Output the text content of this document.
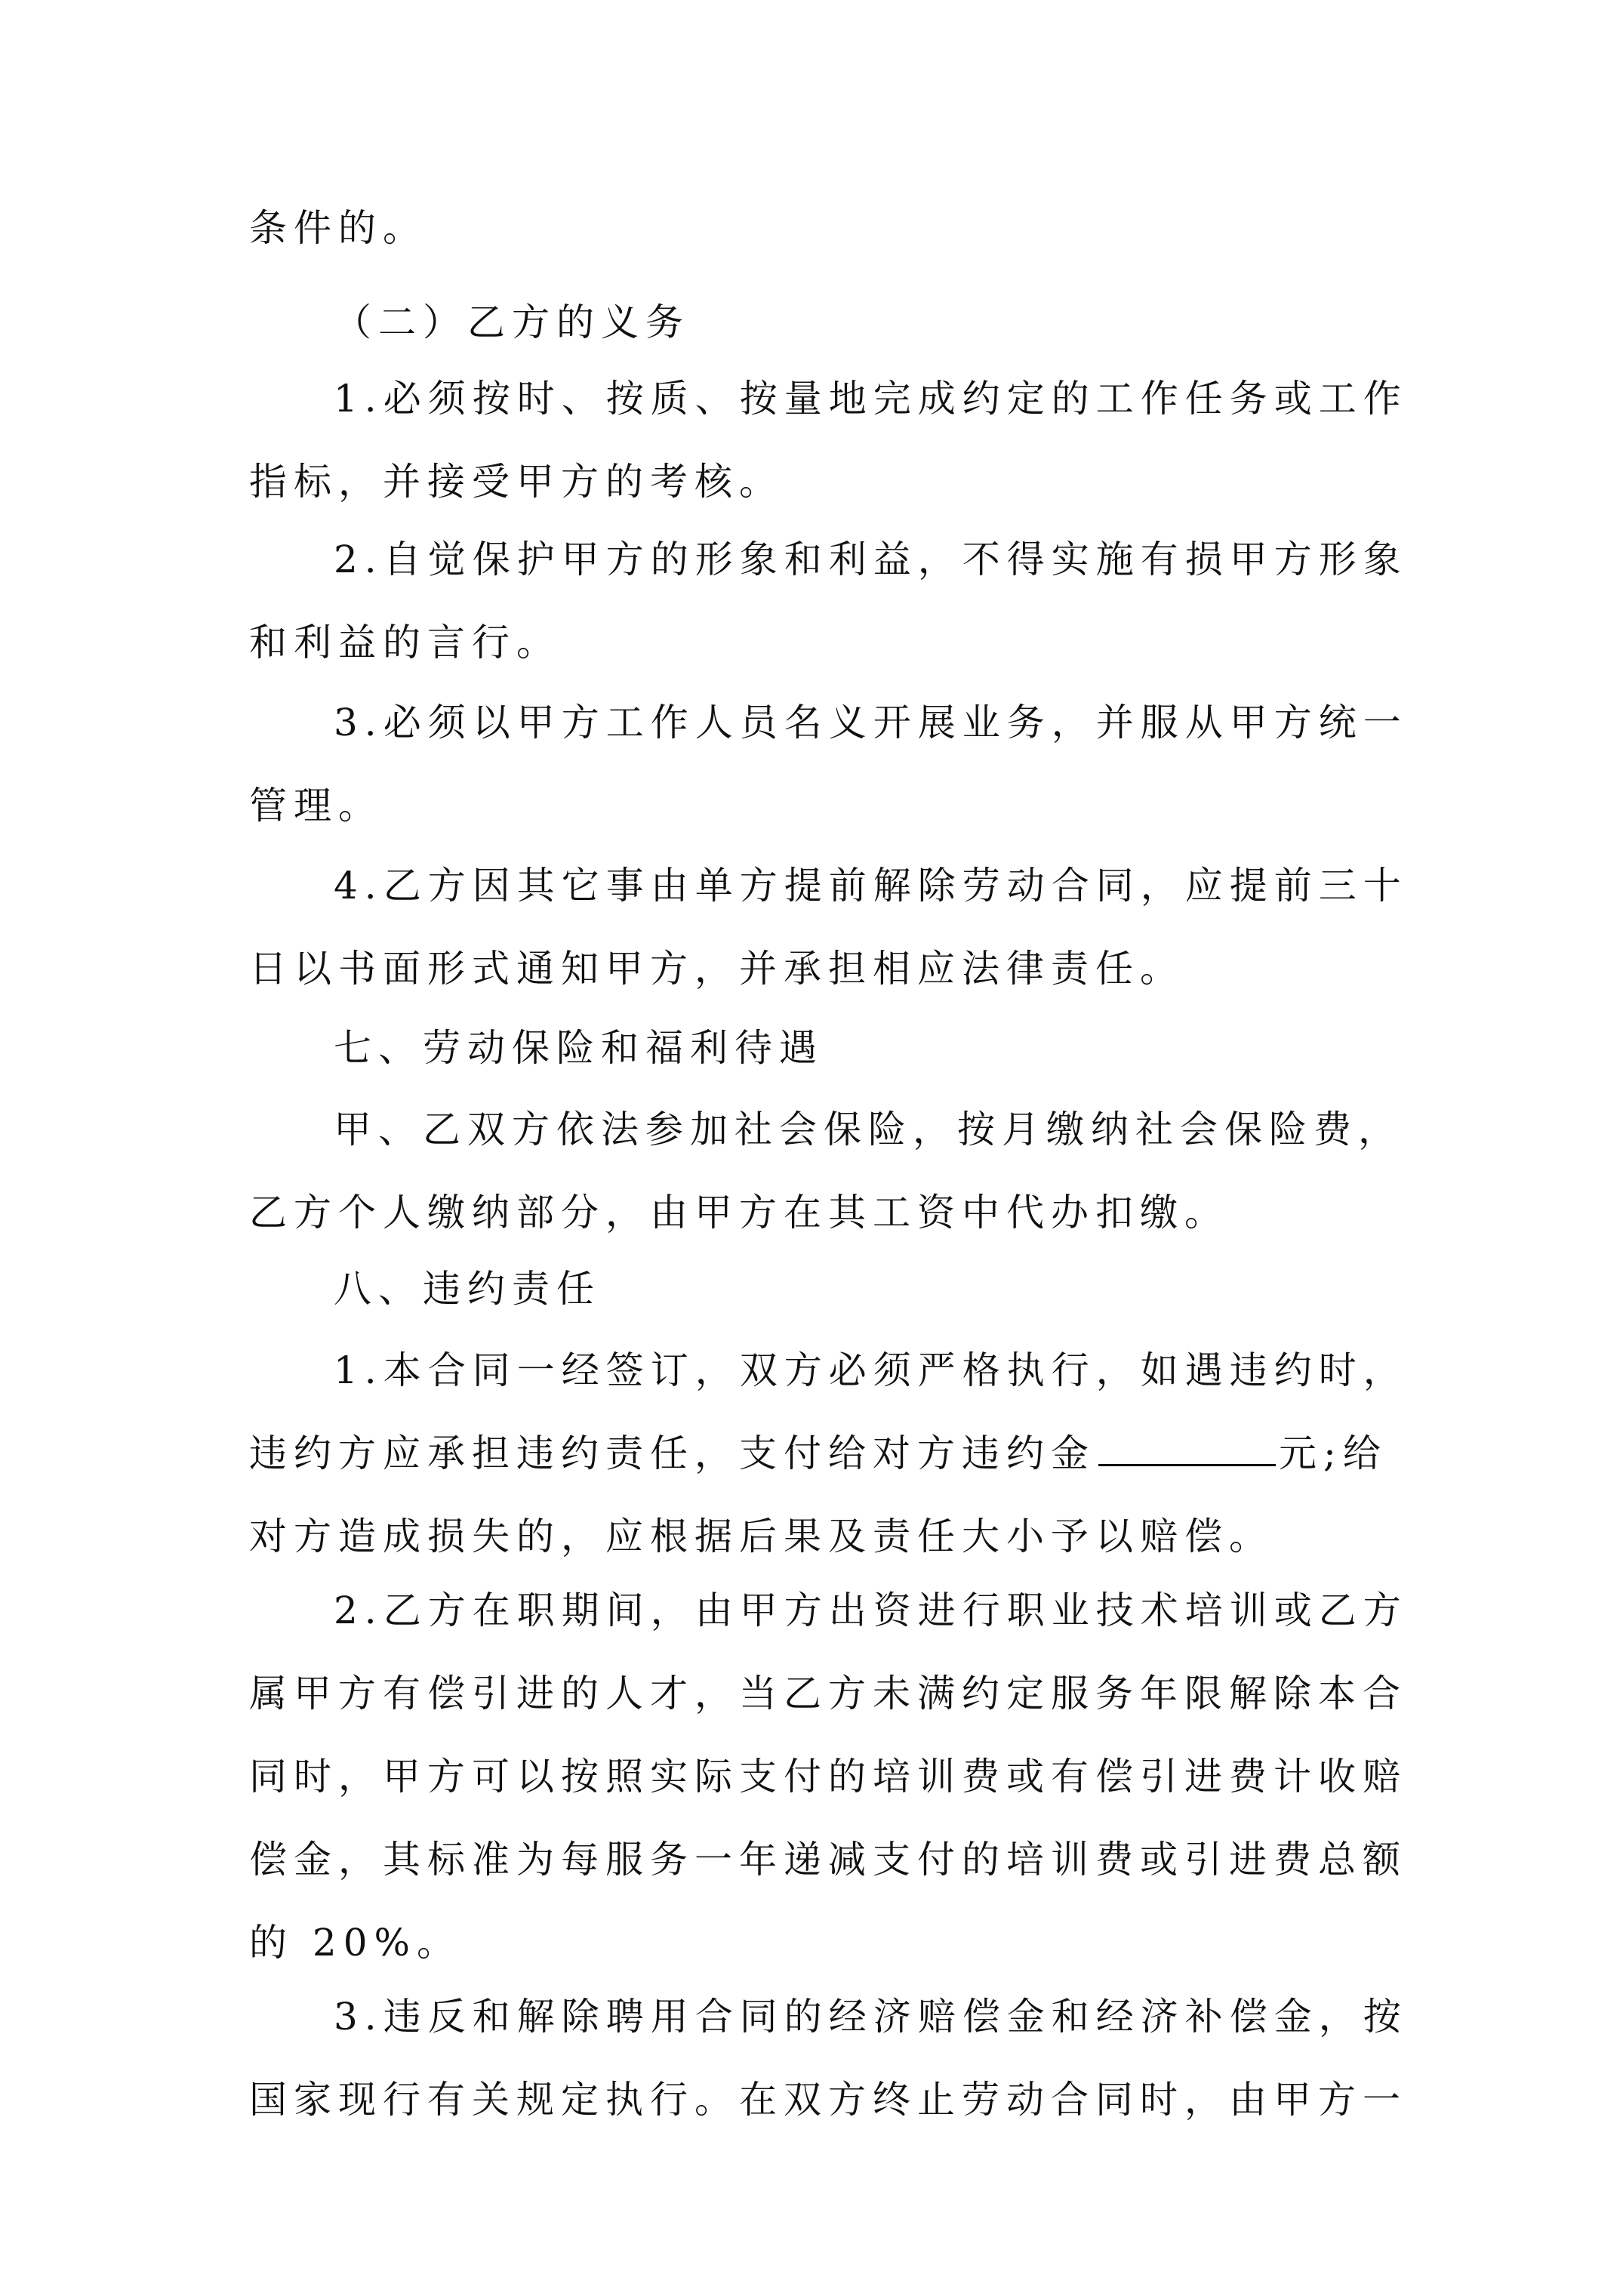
条件的。

（二）乙方的义务

1.必须按时、按质、按量地完成约定的工作任务或工作
指标，并接受甲方的考核。

2.自觉保护甲方的形象和利益，不得实施有损甲方形象
和利益的言行。

3.必须以甲方工作人员名义开展业务，并服从甲方统一
管理。

4.乙方因其它事由单方提前解除劳动合同，应提前三十
日以书面形式通知甲方，并承担相应法律责任。

七、劳动保险和福利待遇

甲、乙双方依法参加社会保险，按月缴纳社会保险费，
乙方个人缴纳部分，由甲方在其工资中代办扣缴。

八、违约责任

1.本合同一经签订，双方必须严格执行，如遇违约时，
违约方应承担违约责任，支付给对方违约金	元;给
对方造成损失的，应根据后果及责任大小予以赔偿。

2.乙方在职期间，由甲方出资进行职业技术培训或乙方
属甲方有偿引进的人才，当乙方未满约定服务年限解除本合
同时，甲方可以按照实际支付的培训费或有偿引进费计收赔
偿金，其标准为每服务一年递减支付的培训费或引进费总额
的 20%。

3.违反和解除聘用合同的经济赔偿金和经济补偿金，按
国家现行有关规定执行。在双方终止劳动合同时，由甲方一
